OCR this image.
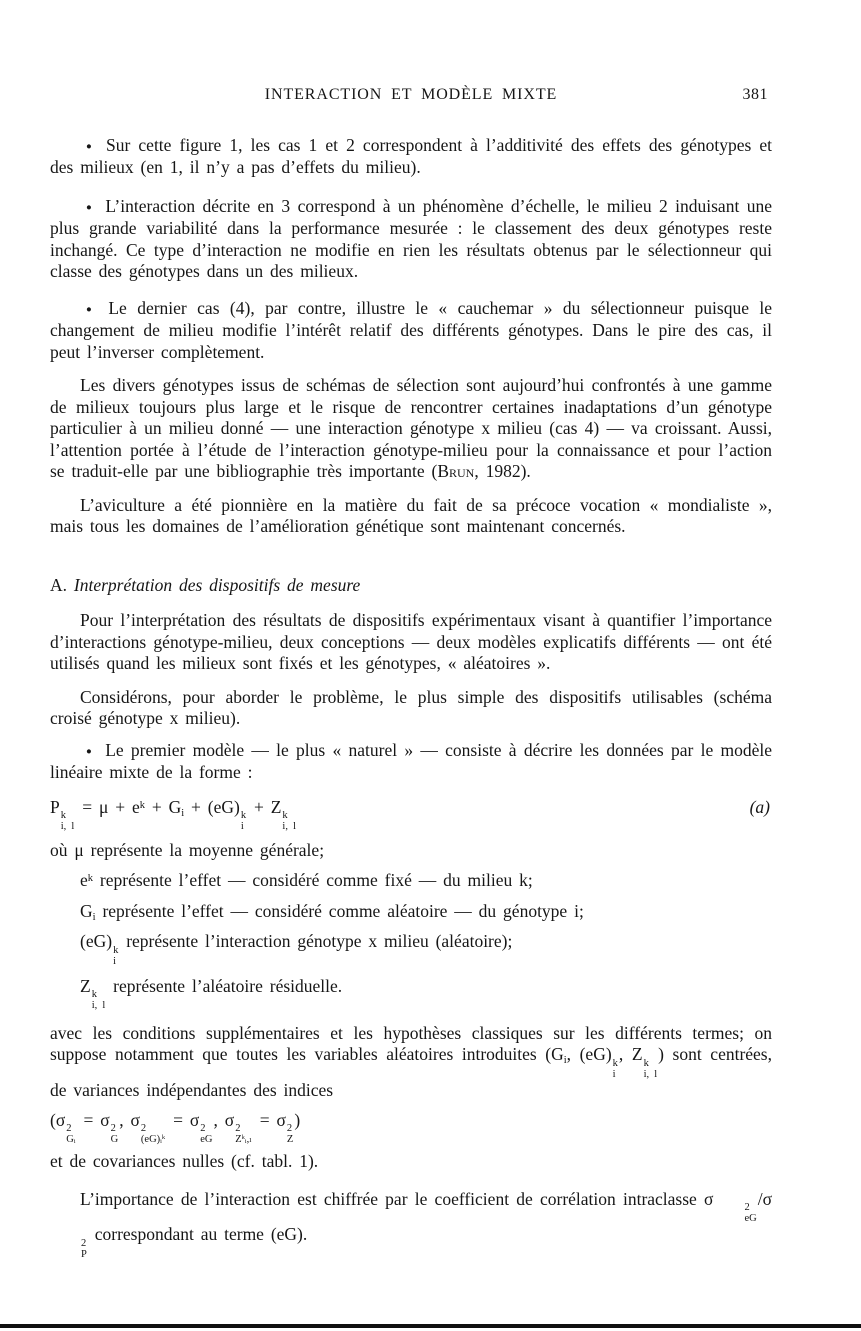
INTERACTION ET MODÈLE MIXTE	381

● Sur cette figure 1, les cas 1 et 2 correspondent à l’additivité des effets des génotypes et des milieux (en 1, il n’y a pas d’effets du milieu).

● L’interaction décrite en 3 correspond à un phénomène d’échelle, le milieu 2 induisant une plus grande variabilité dans la performance mesurée : le classement des deux génotypes reste inchangé. Ce type d’interaction ne modifie en rien les résultats obtenus par le sélectionneur qui classe des génotypes dans un des milieux.

● Le dernier cas (4), par contre, illustre le « cauchemar » du sélectionneur puisque le changement de milieu modifie l’intérêt relatif des différents génotypes. Dans le pire des cas, il peut l’inverser complètement.

Les divers génotypes issus de schémas de sélection sont aujourd’hui confrontés à une gamme de milieux toujours plus large et le risque de rencontrer certaines inadaptations d’un génotype particulier à un milieu donné — une interaction génotype x milieu (cas 4) — va croissant. Aussi, l’attention portée à l’étude de l’interaction génotype-milieu pour la connaissance et pour l’action se traduit-elle par une bibliographie très importante (Brun, 1982).

L’aviculture a été pionnière en la matière du fait de sa précoce vocation « mondialiste », mais tous les domaines de l’amélioration génétique sont maintenant concernés.

A. Interprétation des dispositifs de mesure

Pour l’interprétation des résultats de dispositifs expérimentaux visant à quantifier l’importance d’interactions génotype-milieu, deux conceptions — deux modèles explicatifs différents — ont été utilisés quand les milieux sont fixés et les génotypes, « aléatoires ».

Considérons, pour aborder le problème, le plus simple des dispositifs utilisables (schéma croisé génotype x milieu).

● Le premier modèle — le plus « naturel » — consiste à décrire les données par le modèle linéaire mixte de la forme :

P k
i, l
= $\mu + e^k + G_i + (eG)$ k
i
+ Z k
i, l
(a)

où μ représente la moyenne générale;

$e^k$ représente l’effet — considéré comme fixé — du milieu k;

$G_i$ représente l’effet — considéré comme aléatoire — du génotype i;

(eG) k
i
représente l’interaction génotype x milieu (aléatoire);

Z k
i, l
représente l’aléatoire résiduelle.

avec les conditions supplémentaires et les hypothèses classiques sur les différents termes; on suppose notamment que toutes les variables aléatoires introduites ($G_i$, (eG) k
i
, Z k
i, l
) sont centrées, de variances indépendantes des indices

(σ 2
Gᵢ
= σ 2
G
, σ 2
(eG)ᵢᵏ
= σ 2
eG
, σ 2
Zᵏᵢ,ₗ
= σ 2
Z
)

et de covariances nulles (cf. tabl. 1).

L’importance de l’interaction est chiffrée par le coefficient de corrélation intraclasse σ	2
eG
/σ
2
P
correspondant au terme (eG).
